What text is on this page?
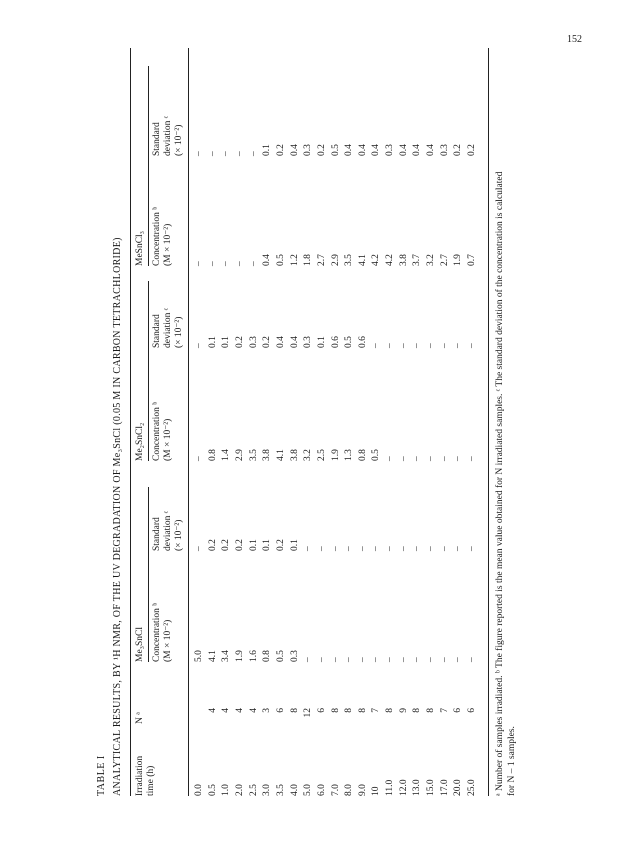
152
TABLE I ANALYTICAL RESULTS, BY ¹H NMR, OF THE UV DEGRADATION OF Me₃SnCl (0.05 M IN CARBON TETRACHLORIDE) Irradiation time (h)
N ᵃ
Me₃SnCl
Me₂SnCl₂
MeSnCl₃
Concentration ᵇ (M × 10⁻²)
Standard deviation ᶜ (× 10⁻²)
Concentration ᵇ (M × 10⁻²)
Standard deviation ᶜ (× 10⁻²)
Concentration ᵇ (M × 10⁻²)
Standard deviation ᶜ (× 10⁻²)
0.0
5.0
–
–
–
–
–
0.5
4
4.1
0.2
0.8
0.1
–
–
1.0
4
3.4
0.2
1.4
0.1
–
–
2.0
4
1.9
0.2
2.9
0.2
–
–
2.5
4
1.6
0.1
3.5
0.3
–
–
3.0
3
0.8
0.1
3.8
0.2
0.4
0.1
3.5
6
0.5
0.2
4.1
0.4
0.5
0.2
4.0
8
0.3
0.1
3.8
0.4
1.2
0.4
5.0
12
–
–
3.2
0.3
1.8
0.3
6.0
6
–
–
2.5
0.1
2.7
0.2
7.0
8
–
–
1.9
0.6
2.9
0.5
8.0
8
–
–
1.3
0.5
3.5
0.4
9.0
8
–
–
0.8
0.6
4.1
0.4
10
7
–
–
0.5
–
4.2
0.4
11.0
8
–
–
–
–
4.2
0.3
12.0
9
–
–
–
–
3.8
0.4
13.0
8
–
–
–
–
3.7
0.4
15.0
8
–
–
–
–
3.2
0.4
17.0
7
–
–
–
–
2.7
0.3
20.0
6
–
–
–
–
1.9
0.2
25.0
6
–
–
–
–
0.7
0.2
ᵃ Number of samples irradiated. ᵇ The figure reported is the mean value obtained for N irradiated samples. ᶜ The standard deviation of the concentration is calculated for N – 1 samples.
